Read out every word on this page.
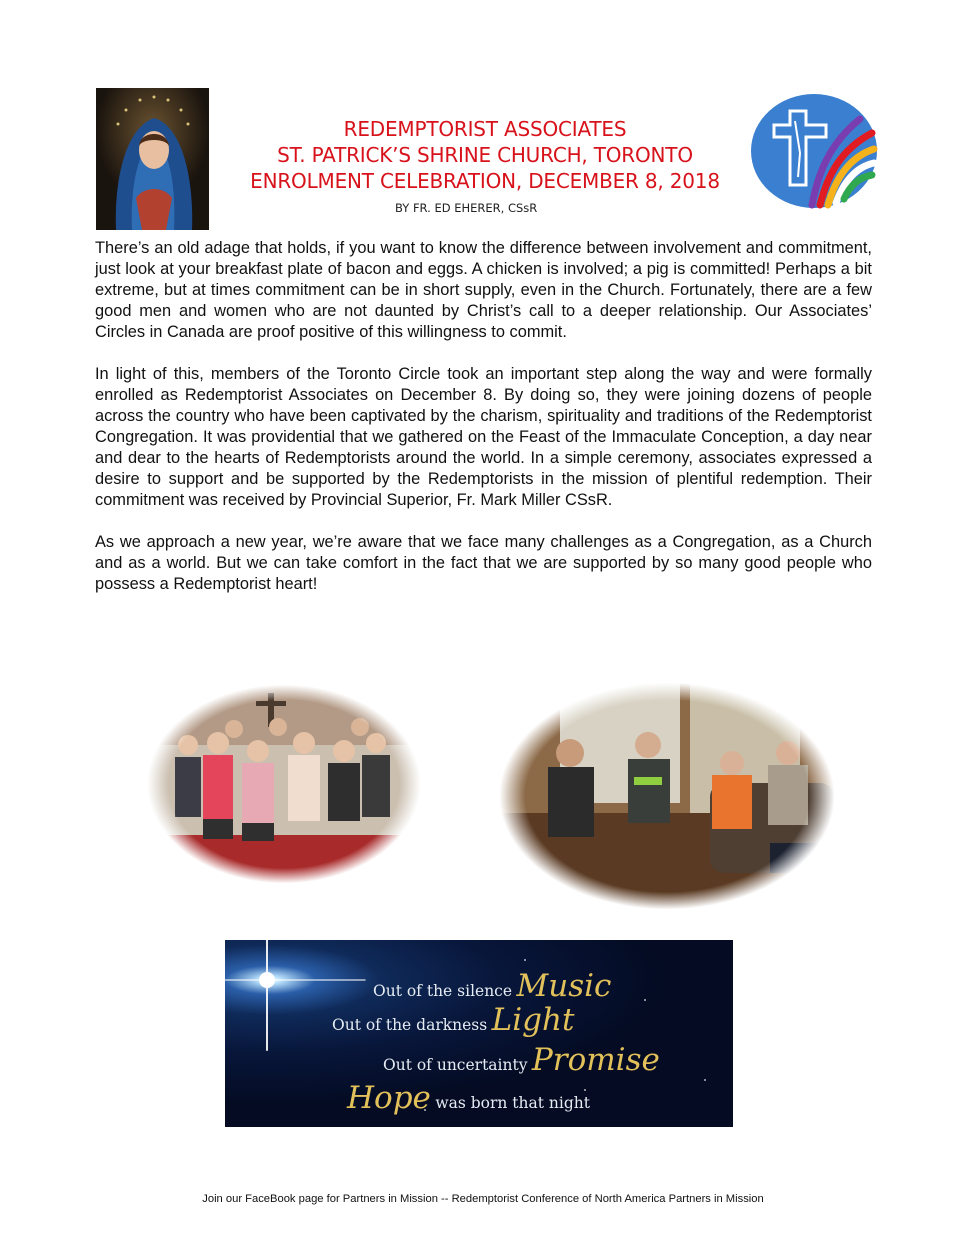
REDEMPTORIST ASSOCIATES
ST. PATRICK’S SHRINE CHURCH, TORONTO
ENROLMENT CELEBRATION, DECEMBER 8, 2018
BY FR. ED EHERER, CSsR

There’s an old adage that holds, if you want to know the difference between involvement and commitment, just look at your breakfast plate of bacon and eggs. A chicken is involved; a pig is committed! Perhaps a bit extreme, but at times commitment can be in short supply, even in the Church. Fortunately, there are a few good men and women who are not daunted by Christ’s call to a deeper relationship. Our Associates’ Circles in Canada are proof positive of this willingness to commit.

In light of this, members of the Toronto Circle took an important step along the way and were formally enrolled as Redemptorist Associates on December 8. By doing so, they were joining dozens of people across the country who have been captivated by the charism, spirituality and traditions of the Redemptorist Congregation. It was providential that we gathered on the Feast of the Immaculate Conception, a day near and dear to the hearts of Redemptorists around the world. In a simple ceremony, associates expressed a desire to support and be supported by the Redemptorists in the mission of plentiful redemption. Their commitment was received by Provincial Superior, Fr. Mark Miller CSsR.

As we approach a new year, we’re aware that we face many challenges as a Congregation, as a Church and as a world. But we can take comfort in the fact that we are supported by so many good people who possess a Redemptorist heart!

Out of the silence Music
Out of the darkness Light
Out of uncertainty Promise
Hope was born that night
Join our FaceBook page for Partners in Mission -- Redemptorist Conference of North America Partners in Mission
